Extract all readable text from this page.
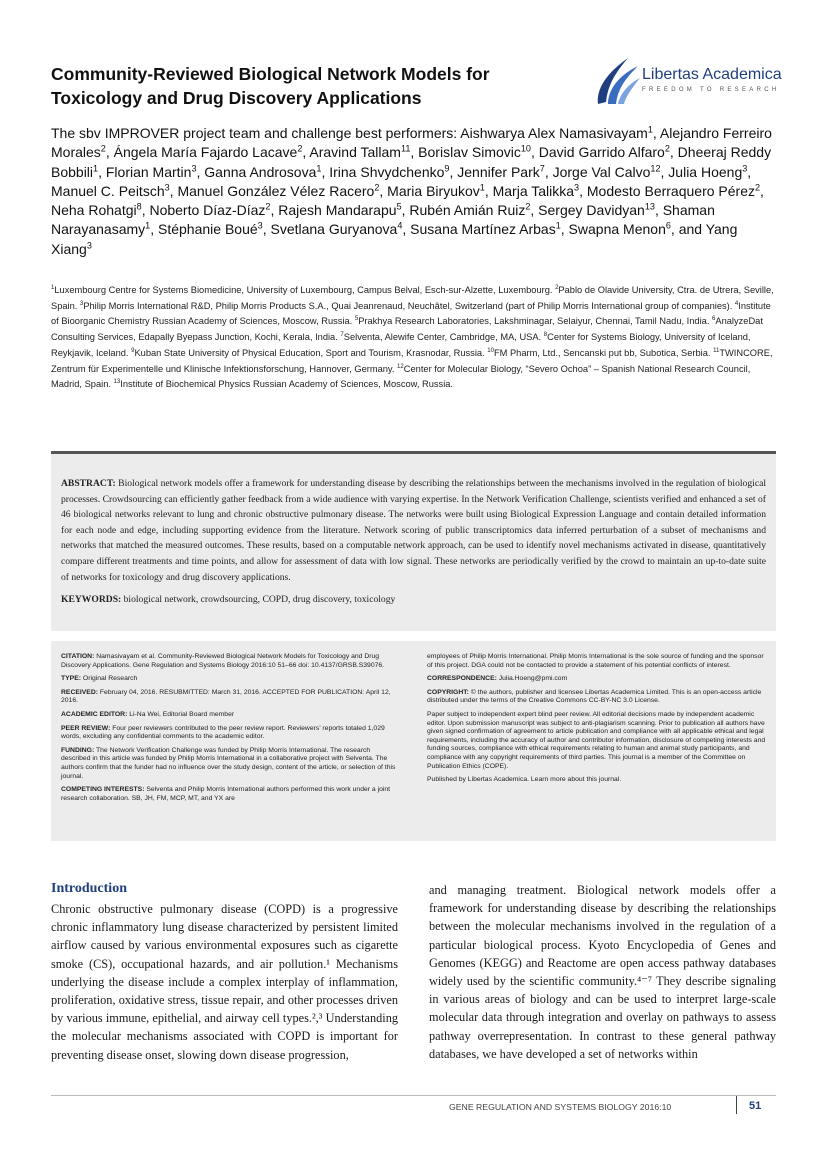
Community-Reviewed Biological Network Models for Toxicology and Drug Discovery Applications
Libertas Academica
FREEDOM TO RESEARCH
The sbv IMPROVER project team and challenge best performers: Aishwarya Alex Namasivayam$^1$, Alejandro Ferreiro Morales$^2$, Ángela María Fajardo Lacave$^2$, Aravind Tallam$^{11}$, Borislav Simovic$^{10}$, David Garrido Alfaro$^2$, Dheeraj Reddy Bobbili$^1$, Florian Martin$^3$, Ganna Androsova$^1$, Irina Shvydchenko$^9$, Jennifer Park$^7$, Jorge Val Calvo$^{12}$, Julia Hoeng$^3$, Manuel C. Peitsch$^3$, Manuel González Vélez Racero$^2$, Maria Biryukov$^1$, Marja Talikka$^3$, Modesto Berraquero Pérez$^2$, Neha Rohatgi$^8$, Noberto Díaz-Díaz$^2$, Rajesh Mandarapu$^5$, Rubén Amián Ruiz$^2$, Sergey Davidyan$^{13}$, Shaman Narayanasamy$^1$, Stéphanie Boué$^3$, Svetlana Guryanova$^4$, Susana Martínez Arbas$^1$, Swapna Menon$^6$, and Yang Xiang$^3$
$^1$Luxembourg Centre for Systems Biomedicine, University of Luxembourg, Campus Belval, Esch-sur-Alzette, Luxembourg. $^2$Pablo de Olavide University, Ctra. de Utrera, Seville, Spain. $^3$Philip Morris International R&D, Philip Morris Products S.A., Quai Jeanrenaud, Neuchâtel, Switzerland (part of Philip Morris International group of companies). $^4$Institute of Bioorganic Chemistry Russian Academy of Sciences, Moscow, Russia. $^5$Prakhya Research Laboratories, Lakshminagar, Selaiyur, Chennai, Tamil Nadu, India. $^6$AnalyzeDat Consulting Services, Edapally Byepass Junction, Kochi, Kerala, India. $^7$Selventa, Alewife Center, Cambridge, MA, USA. $^8$Center for Systems Biology, University of Iceland, Reykjavik, Iceland. $^9$Kuban State University of Physical Education, Sport and Tourism, Krasnodar, Russia. $^{10}$FM Pharm, Ltd., Sencanski put bb, Subotica, Serbia. $^{11}$TWINCORE, Zentrum für Experimentelle und Klinische Infektionsforschung, Hannover, Germany. $^{12}$Center for Molecular Biology, “Severo Ochoa” – Spanish National Research Council, Madrid, Spain. $^{13}$Institute of Biochemical Physics Russian Academy of Sciences, Moscow, Russia.

ABSTRACT: Biological network models offer a framework for understanding disease by describing the relationships between the mechanisms involved in the regulation of biological processes. Crowdsourcing can efficiently gather feedback from a wide audience with varying expertise. In the Network Verification Challenge, scientists verified and enhanced a set of 46 biological networks relevant to lung and chronic obstructive pulmonary disease. The networks were built using Biological Expression Language and contain detailed information for each node and edge, including supporting evidence from the literature. Network scoring of public transcriptomics data inferred perturbation of a subset of mechanisms and networks that matched the measured outcomes. These results, based on a computable network approach, can be used to identify novel mechanisms activated in disease, quantitatively compare different treatments and time points, and allow for assessment of data with low signal. These networks are periodically verified by the crowd to maintain an up-to-date suite of networks for toxicology and drug discovery applications.

KEYWORDS: biological network, crowdsourcing, COPD, drug discovery, toxicology

CITATION: Namasivayam et al. Community-Reviewed Biological Network Models for Toxicology and Drug Discovery Applications. Gene Regulation and Systems Biology 2016:10 51–66 doi: 10.4137/GRSB.S39076.

TYPE: Original Research

RECEIVED: February 04, 2016. RESUBMITTED: March 31, 2016. ACCEPTED FOR PUBLICATION: April 12, 2016.

ACADEMIC EDITOR: Li-Na Wei, Editorial Board member

PEER REVIEW: Four peer reviewers contributed to the peer review report. Reviewers’ reports totaled 1,029 words, excluding any confidential comments to the academic editor.

FUNDING: The Network Verification Challenge was funded by Philip Morris International. The research described in this article was funded by Philip Morris International in a collaborative project with Selventa. The authors confirm that the funder had no influence over the study design, content of the article, or selection of this journal.

COMPETING INTERESTS: Selventa and Philip Morris International authors performed this work under a joint research collaboration. SB, JH, FM, MCP, MT, and YX are

employees of Philip Morris International. Philip Morris International is the sole source of funding and the sponsor of this project. DGA could not be contacted to provide a statement of his potential conflicts of interest.

CORRESPONDENCE: Julia.Hoeng@pmi.com

COPYRIGHT: © the authors, publisher and licensee Libertas Academica Limited. This is an open-access article distributed under the terms of the Creative Commons CC-BY-NC 3.0 License.

Paper subject to independent expert blind peer review. All editorial decisions made by independent academic editor. Upon submission manuscript was subject to anti-plagiarism scanning. Prior to publication all authors have given signed confirmation of agreement to article publication and compliance with all applicable ethical and legal requirements, including the accuracy of author and contributor information, disclosure of competing interests and funding sources, compliance with ethical requirements relating to human and animal study participants, and compliance with any copyright requirements of third parties. This journal is a member of the Committee on Publication Ethics (COPE).

Published by Libertas Academica. Learn more about this journal.

Introduction

Chronic obstructive pulmonary disease (COPD) is a progressive chronic inflammatory lung disease characterized by persistent limited airflow caused by various environmental exposures such as cigarette smoke (CS), occupational hazards, and air pollution.¹ Mechanisms underlying the disease include a complex interplay of inflammation, proliferation, oxidative stress, tissue repair, and other processes driven by various immune, epithelial, and airway cell types.²,³ Understanding the molecular mechanisms associated with COPD is important for preventing disease onset, slowing down disease progression,

and managing treatment. Biological network models offer a framework for understanding disease by describing the relationships between the molecular mechanisms involved in the regulation of a particular biological process. Kyoto Encyclopedia of Genes and Genomes (KEGG) and Reactome are open access pathway databases widely used by the scientific community.⁴⁻⁷ They describe signaling in various areas of biology and can be used to interpret large-scale molecular data through integration and overlay on pathways to assess pathway overrepresentation. In contrast to these general pathway databases, we have developed a set of networks within

GENE REGULATION AND SYSTEMS BIOLOGY 2016:10	51
